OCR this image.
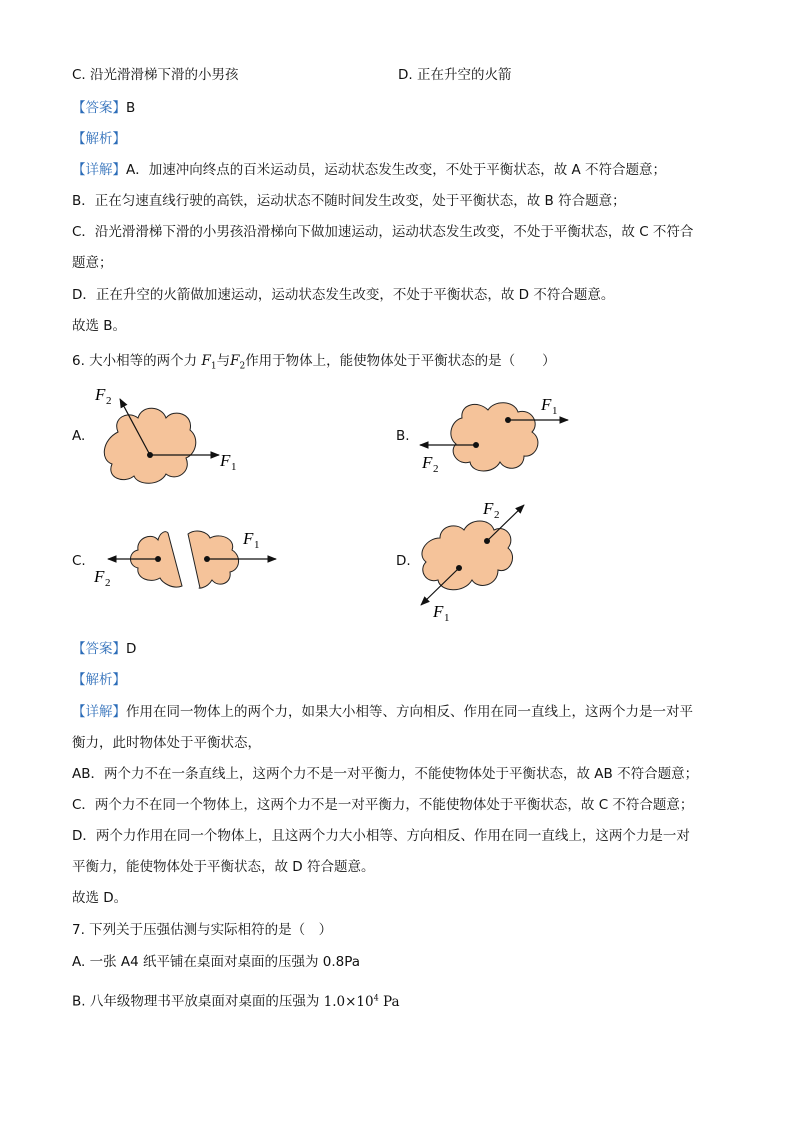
C. 沿光滑滑梯下滑的小男孩	D. 正在升空的火箭
【答案】B
【解析】
【详解】A．加速冲向终点的百米运动员，运动状态发生改变，不处于平衡状态，故 A 不符合题意；
B．正在匀速直线行驶的高铁，运动状态不随时间发生改变，处于平衡状态，故 B 符合题意；
C．沿光滑滑梯下滑的小男孩沿滑梯向下做加速运动，运动状态发生改变，不处于平衡状态，故 C 不符合
题意；
D．正在升空的火箭做加速运动，运动状态发生改变，不处于平衡状态，故 D 不符合题意。
故选 B。
6. 大小相等的两个力 $F_1$与$F_2$作用于物体上，能使物体处于平衡状态的是（　　）
A.	B.
C.	D.
F 2
F 1
F 1
F 2
F 1
F 2
F 2
F 1
【答案】D
【解析】
【详解】作用在同一物体上的两个力，如果大小相等、方向相反、作用在同一直线上，这两个力是一对平
衡力，此时物体处于平衡状态，
AB．两个力不在一条直线上，这两个力不是一对平衡力，不能使物体处于平衡状态，故 AB 不符合题意；
C．两个力不在同一个物体上，这两个力不是一对平衡力，不能使物体处于平衡状态，故 C 不符合题意；
D．两个力作用在同一个物体上，且这两个力大小相等、方向相反、作用在同一直线上，这两个力是一对
平衡力，能使物体处于平衡状态，故 D 符合题意。
故选 D。
7. 下列关于压强估测与实际相符的是（　）
A. 一张 A4 纸平铺在桌面对桌面的压强为 0.8Pa
B. 八年级物理书平放桌面对桌面的压强为 $1.0\times 10^4$ Pa
